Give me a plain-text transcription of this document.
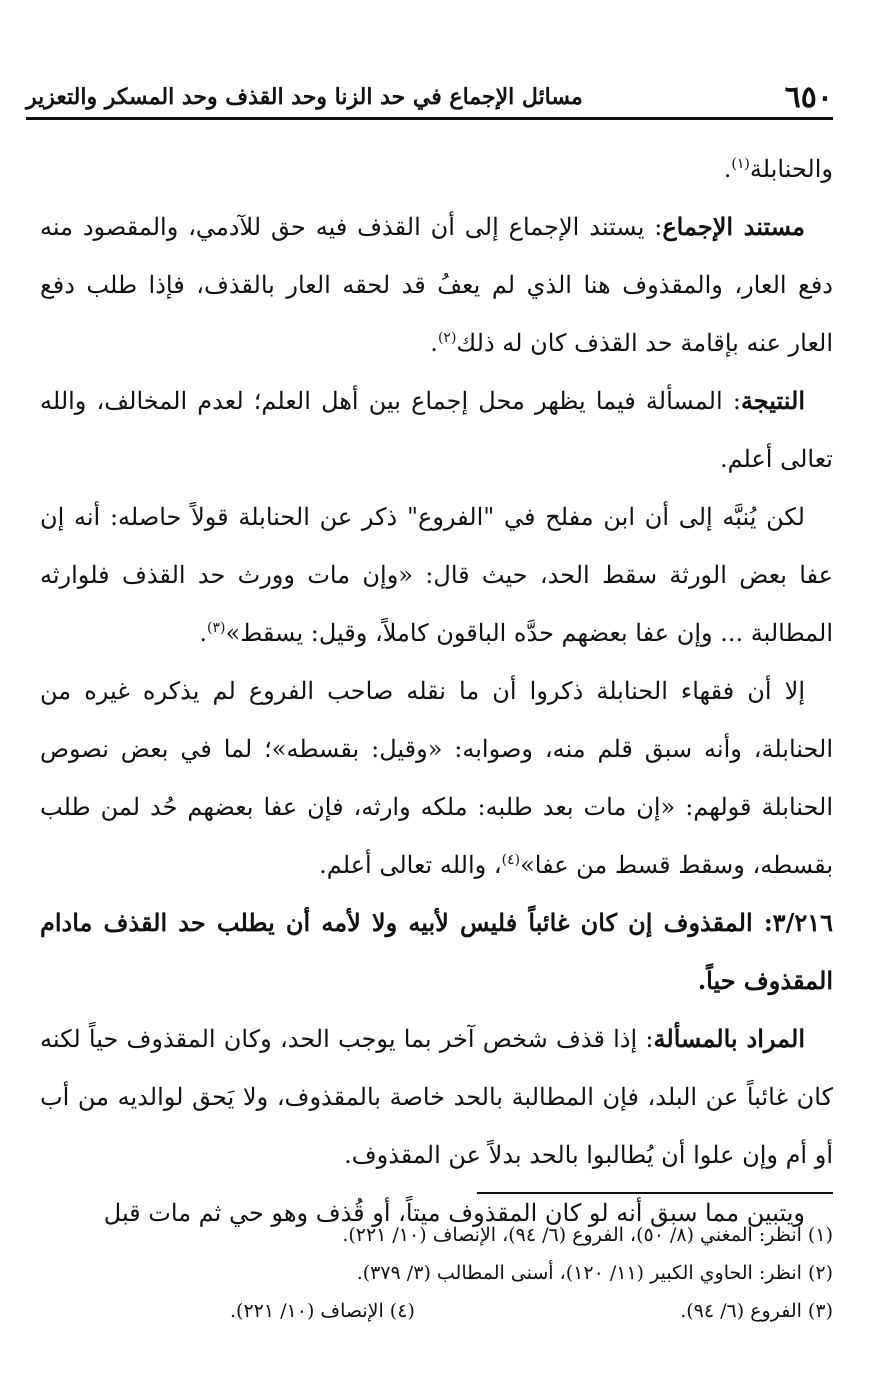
٦٥٠
مسائل الإجماع في حد الزنا وحد القذف وحد المسكر والتعزير

والحنابلة$^{(١)}$.

مستند الإجماع: يستند الإجماع إلى أن القذف فيه حق للآدمي، والمقصود منه دفع العار، والمقذوف هنا الذي لم يعفُ قد لحقه العار بالقذف، فإذا طلب دفع العار عنه بإقامة حد القذف كان له ذلك$^{(٢)}$.

النتيجة: المسألة فيما يظهر محل إجماع بين أهل العلم؛ لعدم المخالف، والله تعالى أعلم.

لكن يُنبَّه إلى أن ابن مفلح في "الفروع" ذكر عن الحنابلة قولاً حاصله: أنه إن عفا بعض الورثة سقط الحد، حيث قال: «وإن مات وورث حد القذف فلوارثه المطالبة ... وإن عفا بعضهم حدَّه الباقون كاملاً، وقيل: يسقط»$^{(٣)}$.

إلا أن فقهاء الحنابلة ذكروا أن ما نقله صاحب الفروع لم يذكره غيره من الحنابلة، وأنه سبق قلم منه، وصوابه: «وقيل: بقسطه»؛ لما في بعض نصوص الحنابلة قولهم: «إن مات بعد طلبه: ملكه وارثه، فإن عفا بعضهم حُد لمن طلب بقسطه، وسقط قسط من عفا»$^{(٤)}$، والله تعالى أعلم.

٣/٢١٦: المقذوف إن كان غائباً فليس لأبيه ولا لأمه أن يطلب حد القذف مادام المقذوف حياً.

المراد بالمسألة: إذا قذف شخص آخر بما يوجب الحد، وكان المقذوف حياً لكنه كان غائباً عن البلد، فإن المطالبة بالحد خاصة بالمقذوف، ولا يَحق لوالديه من أب أو أم وإن علوا أن يُطالبوا بالحد بدلاً عن المقذوف.

ويتبين مما سبق أنه لو كان المقذوف ميتاً، أو قُذف وهو حي ثم مات قبل

(١) انظر: المغني (٨/ ٥٠)، الفروع (٦/ ٩٤)، الإنصاف (١٠/ ٢٢١).
(٢) انظر: الحاوي الكبير (١١/ ١٢٠)، أسنى المطالب (٣/ ٣٧٩).
(٣) الفروع (٦/ ٩٤).
(٤) الإنصاف (١٠/ ٢٢١).
